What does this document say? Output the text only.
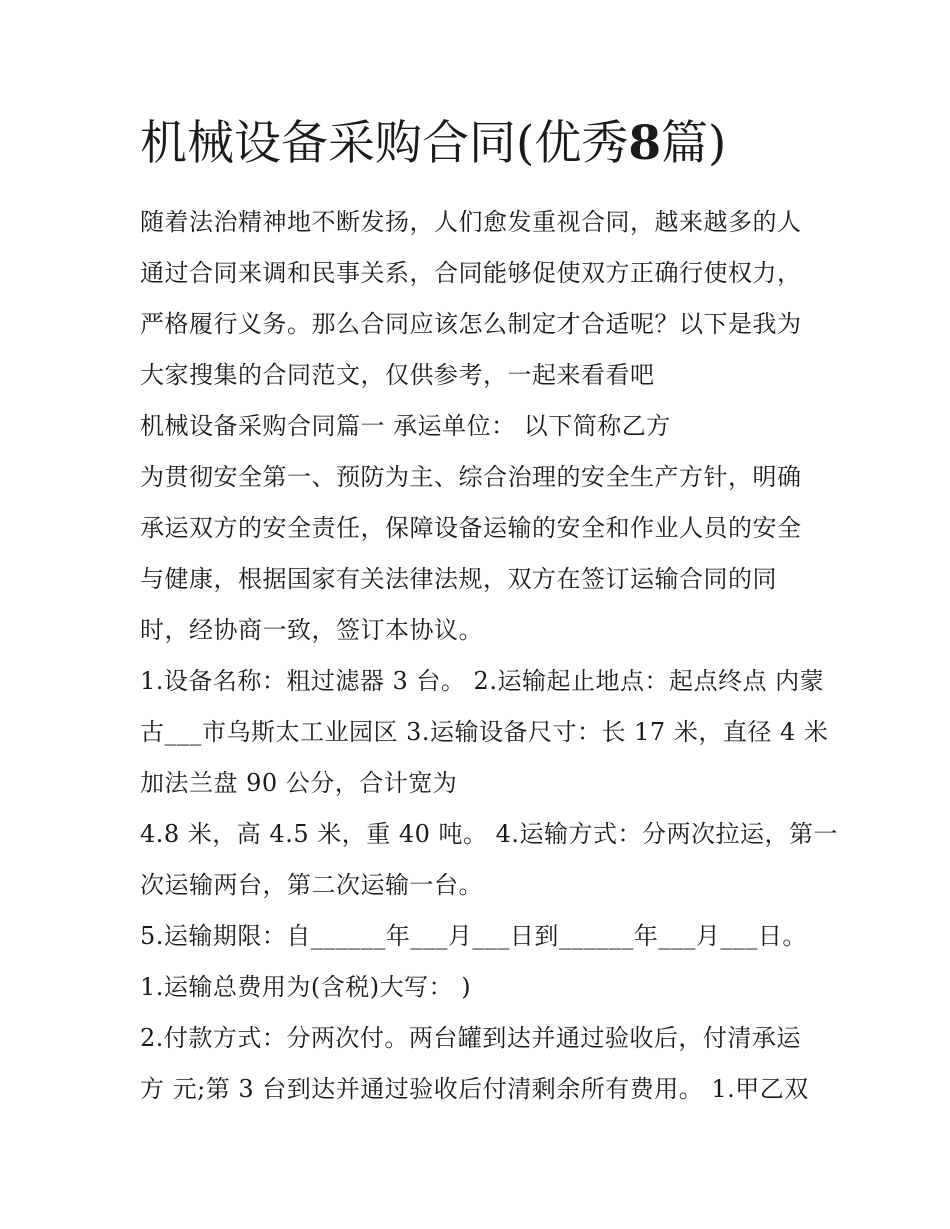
机械设备采购合同(优秀8篇)

随着法治精神地不断发扬，人们愈发重视合同，越来越多的人

通过合同来调和民事关系，合同能够促使双方正确行使权力，

严格履行义务。那么合同应该怎么制定才合适呢？以下是我为

大家搜集的合同范文，仅供参考，一起来看看吧

机械设备采购合同篇一 承运单位： 以下简称乙方

为贯彻安全第一、预防为主、综合治理的安全生产方针，明确

承运双方的安全责任，保障设备运输的安全和作业人员的安全

与健康，根据国家有关法律法规，双方在签订运输合同的同

时，经协商一致，签订本协议。

1.设备名称：粗过滤器 3 台。 2.运输起止地点：起点终点 内蒙

古___市乌斯太工业园区 3.运输设备尺寸：长 17 米，直径 4 米

加法兰盘 90 公分，合计宽为

4.8 米，高 4.5 米，重 40 吨。 4.运输方式：分两次拉运，第一

次运输两台，第二次运输一台。

5.运输期限：自______年___月___日到______年___月___日。

1.运输总费用为(含税)大写： )

2.付款方式：分两次付。两台罐到达并通过验收后，付清承运

方 元;第 3 台到达并通过验收后付清剩余所有费用。 1.甲乙双
